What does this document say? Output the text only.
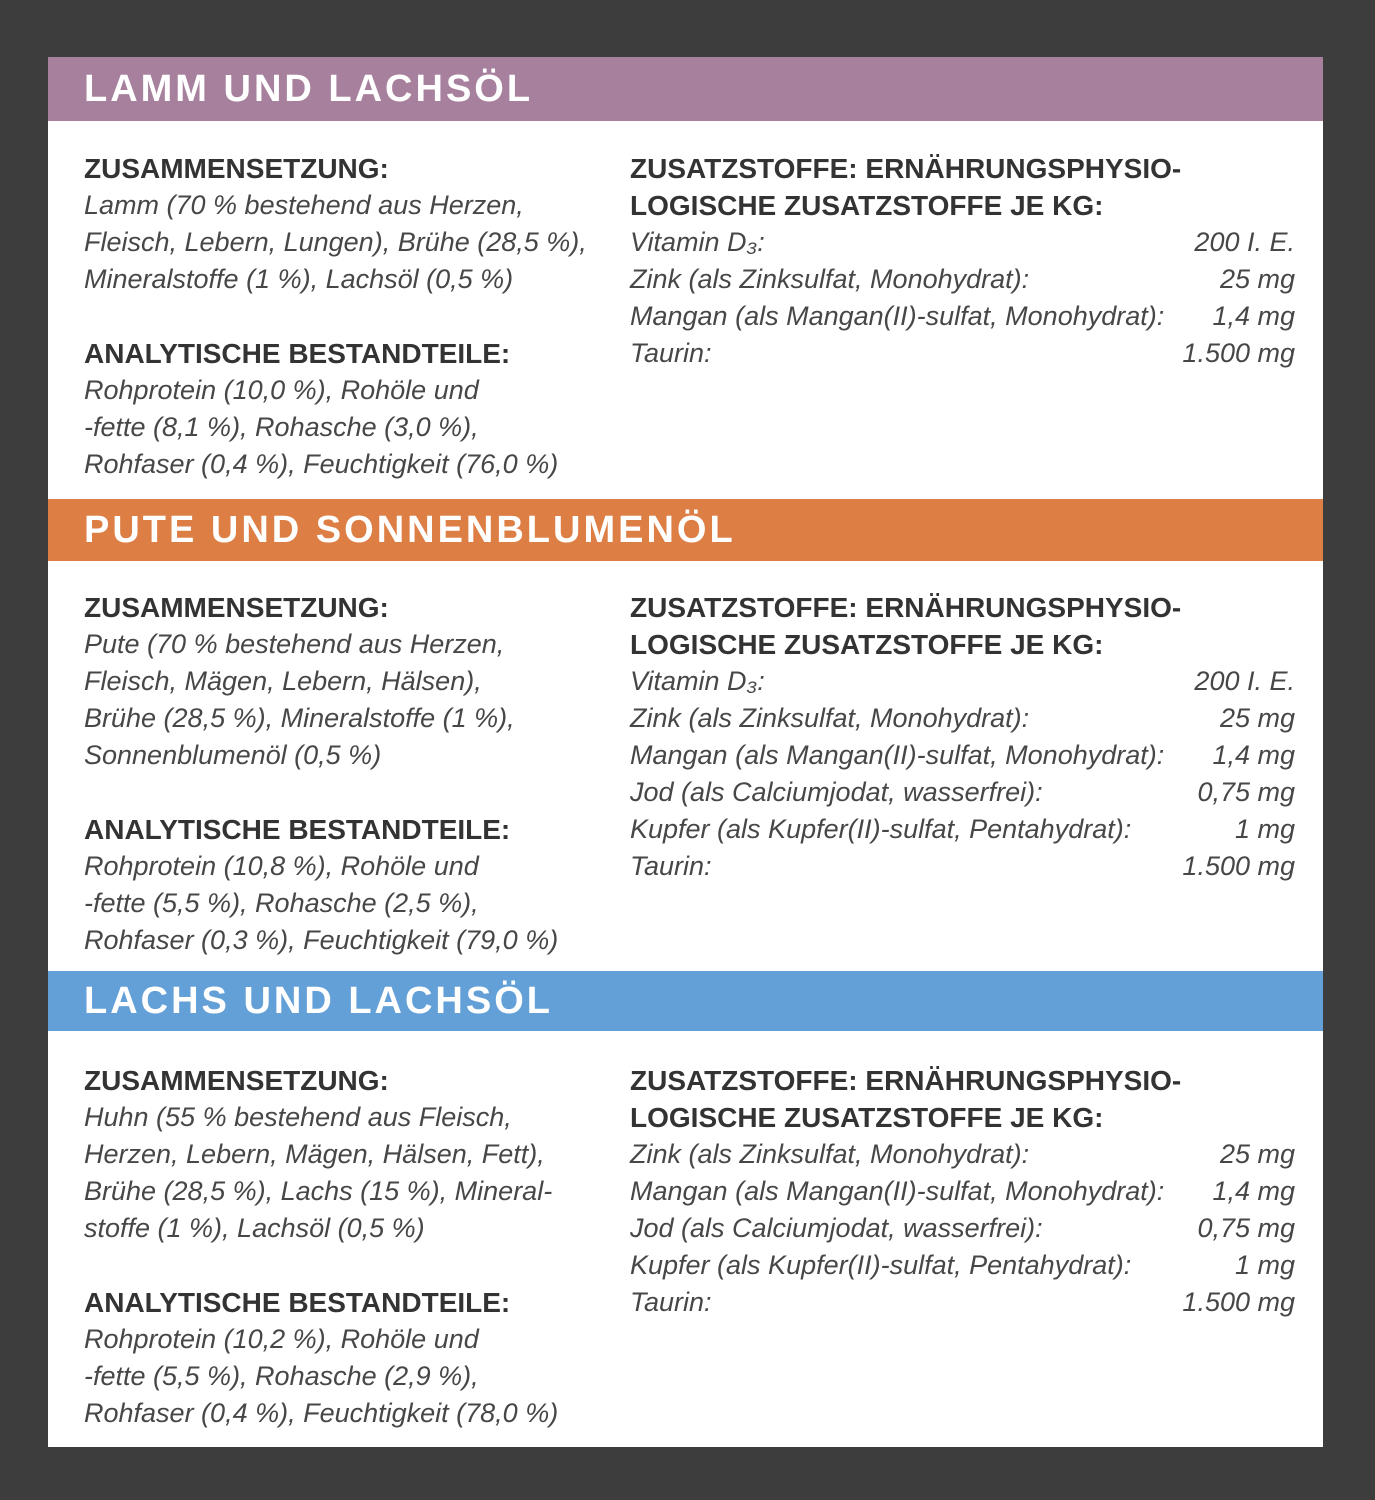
LAMM UND LACHSÖL
ZUSAMMENSETZUNG:
Lamm (70 % bestehend aus Herzen,
Fleisch, Lebern, Lungen), Brühe (28,5 %),
Mineralstoffe (1 %), Lachsöl (0,5 %)
ANALYTISCHE BESTANDTEILE:
Rohprotein (10,0 %), Rohöle und
-fette (8,1 %), Rohasche (3,0 %),
Rohfaser (0,4 %), Feuchtigkeit (76,0 %)
ZUSATZSTOFFE: ERNÄHRUNGSPHYSIO-
LOGISCHE ZUSATZSTOFFE JE KG:
Vitamin D₃:	200 I. E.
Zink (als Zinksulfat, Monohydrat):	25 mg
Mangan (als Mangan(II)-sulfat, Monohydrat):	1,4 mg
Taurin:	1.500 mg
PUTE UND SONNENBLUMENÖL
ZUSAMMENSETZUNG:
Pute (70 % bestehend aus Herzen,
Fleisch, Mägen, Lebern, Hälsen),
Brühe (28,5 %), Mineralstoffe (1 %),
Sonnenblumenöl (0,5 %)
ANALYTISCHE BESTANDTEILE:
Rohprotein (10,8 %), Rohöle und
-fette (5,5 %), Rohasche (2,5 %),
Rohfaser (0,3 %), Feuchtigkeit (79,0 %)
ZUSATZSTOFFE: ERNÄHRUNGSPHYSIO-
LOGISCHE ZUSATZSTOFFE JE KG:
Vitamin D₃:	200 I. E.
Zink (als Zinksulfat, Monohydrat):	25 mg
Mangan (als Mangan(II)-sulfat, Monohydrat):	1,4 mg
Jod (als Calciumjodat, wasserfrei):	0,75 mg
Kupfer (als Kupfer(II)-sulfat, Pentahydrat):	1 mg
Taurin:	1.500 mg
LACHS UND LACHSÖL
ZUSAMMENSETZUNG:
Huhn (55 % bestehend aus Fleisch,
Herzen, Lebern, Mägen, Hälsen, Fett),
Brühe (28,5 %), Lachs (15 %), Mineral-
stoffe (1 %), Lachsöl (0,5 %)
ANALYTISCHE BESTANDTEILE:
Rohprotein (10,2 %), Rohöle und
-fette (5,5 %), Rohasche (2,9 %),
Rohfaser (0,4 %), Feuchtigkeit (78,0 %)
ZUSATZSTOFFE: ERNÄHRUNGSPHYSIO-
LOGISCHE ZUSATZSTOFFE JE KG:
Zink (als Zinksulfat, Monohydrat):	25 mg
Mangan (als Mangan(II)-sulfat, Monohydrat):	1,4 mg
Jod (als Calciumjodat, wasserfrei):	0,75 mg
Kupfer (als Kupfer(II)-sulfat, Pentahydrat):	1 mg
Taurin:	1.500 mg
